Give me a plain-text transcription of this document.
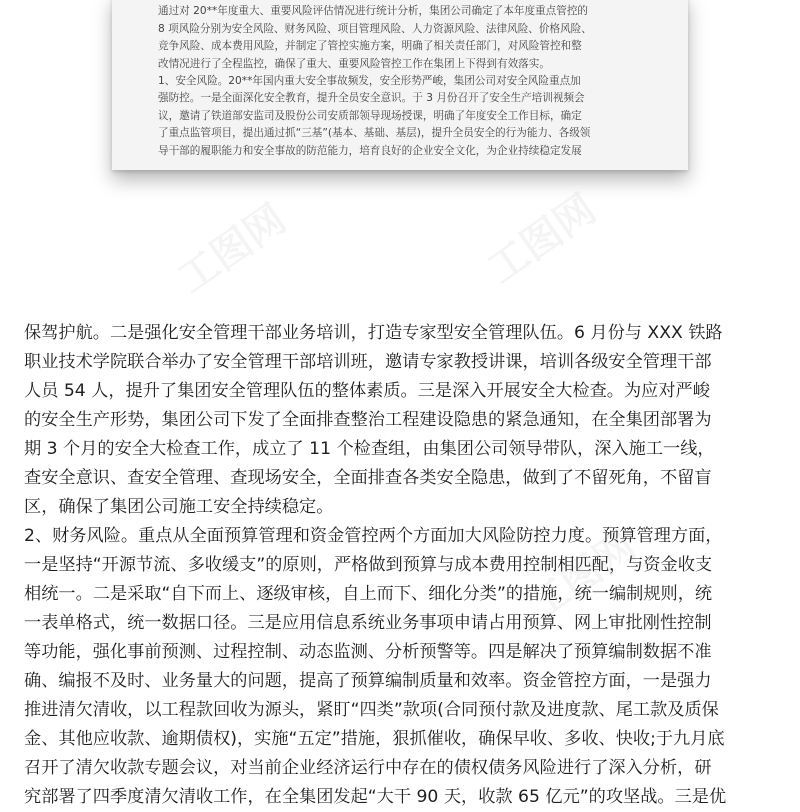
通过对 20**年度重大、重要风险评估情况进行统计分析，集团公司确定了本年度重点管控的
8 项风险分别为安全风险、财务风险、项目管理风险、人力资源风险、法律风险、价格风险、
竞争风险、成本费用风险，并制定了管控实施方案，明确了相关责任部门，对风险管控和整
改情况进行了全程监控，确保了重大、重要风险管控工作在集团上下得到有效落实。
1、安全风险。20**年国内重大安全事故频发，安全形势严峻，集团公司对安全风险重点加
强防控。一是全面深化安全教育，提升全员安全意识。于 3 月份召开了安全生产培训视频会
议，邀请了铁道部安监司及股份公司安质部领导现场授课，明确了年度安全工作目标，确定
了重点监管项目，提出通过抓“三基”(基本、基础、基层)，提升全员安全的行为能力、各级领
导干部的履职能力和安全事故的防范能力，培育良好的企业安全文化，为企业持续稳定发展
保驾护航。二是强化安全管理干部业务培训，打造专家型安全管理队伍。6 月份与 XXX 铁路
职业技术学院联合举办了安全管理干部培训班，邀请专家教授讲课，培训各级安全管理干部
人员 54 人，提升了集团安全管理队伍的整体素质。三是深入开展安全大检查。为应对严峻
的安全生产形势，集团公司下发了全面排查整治工程建设隐患的紧急通知，在全集团部署为
期 3 个月的安全大检查工作，成立了 11 个检查组，由集团公司领导带队，深入施工一线，
查安全意识、查安全管理、查现场安全，全面排查各类安全隐患，做到了不留死角，不留盲
区，确保了集团公司施工安全持续稳定。
2、财务风险。重点从全面预算管理和资金管控两个方面加大风险防控力度。预算管理方面，
一是坚持“开源节流、多收缓支”的原则，严格做到预算与成本费用控制相匹配，与资金收支
相统一。二是采取“自下而上、逐级审核，自上而下、细化分类”的措施，统一编制规则，统
一表单格式，统一数据口径。三是应用信息系统业务事项申请占用预算、网上审批刚性控制
等功能，强化事前预测、过程控制、动态监测、分析预警等。四是解决了预算编制数据不准
确、编报不及时、业务量大的问题，提高了预算编制质量和效率。资金管控方面，一是强力
推进清欠清收，以工程款回收为源头，紧盯“四类”款项(合同预付款及进度款、尾工款及质保
金、其他应收款、逾期债权)，实施“五定”措施，狠抓催收，确保早收、多收、快收;于九月底
召开了清欠收款专题会议，对当前企业经济运行中存在的债权债务风险进行了深入分析，研
究部署了四季度清欠清收工作，在全集团发起“大干 90 天，收款 65 亿元”的攻坚战。三是优
